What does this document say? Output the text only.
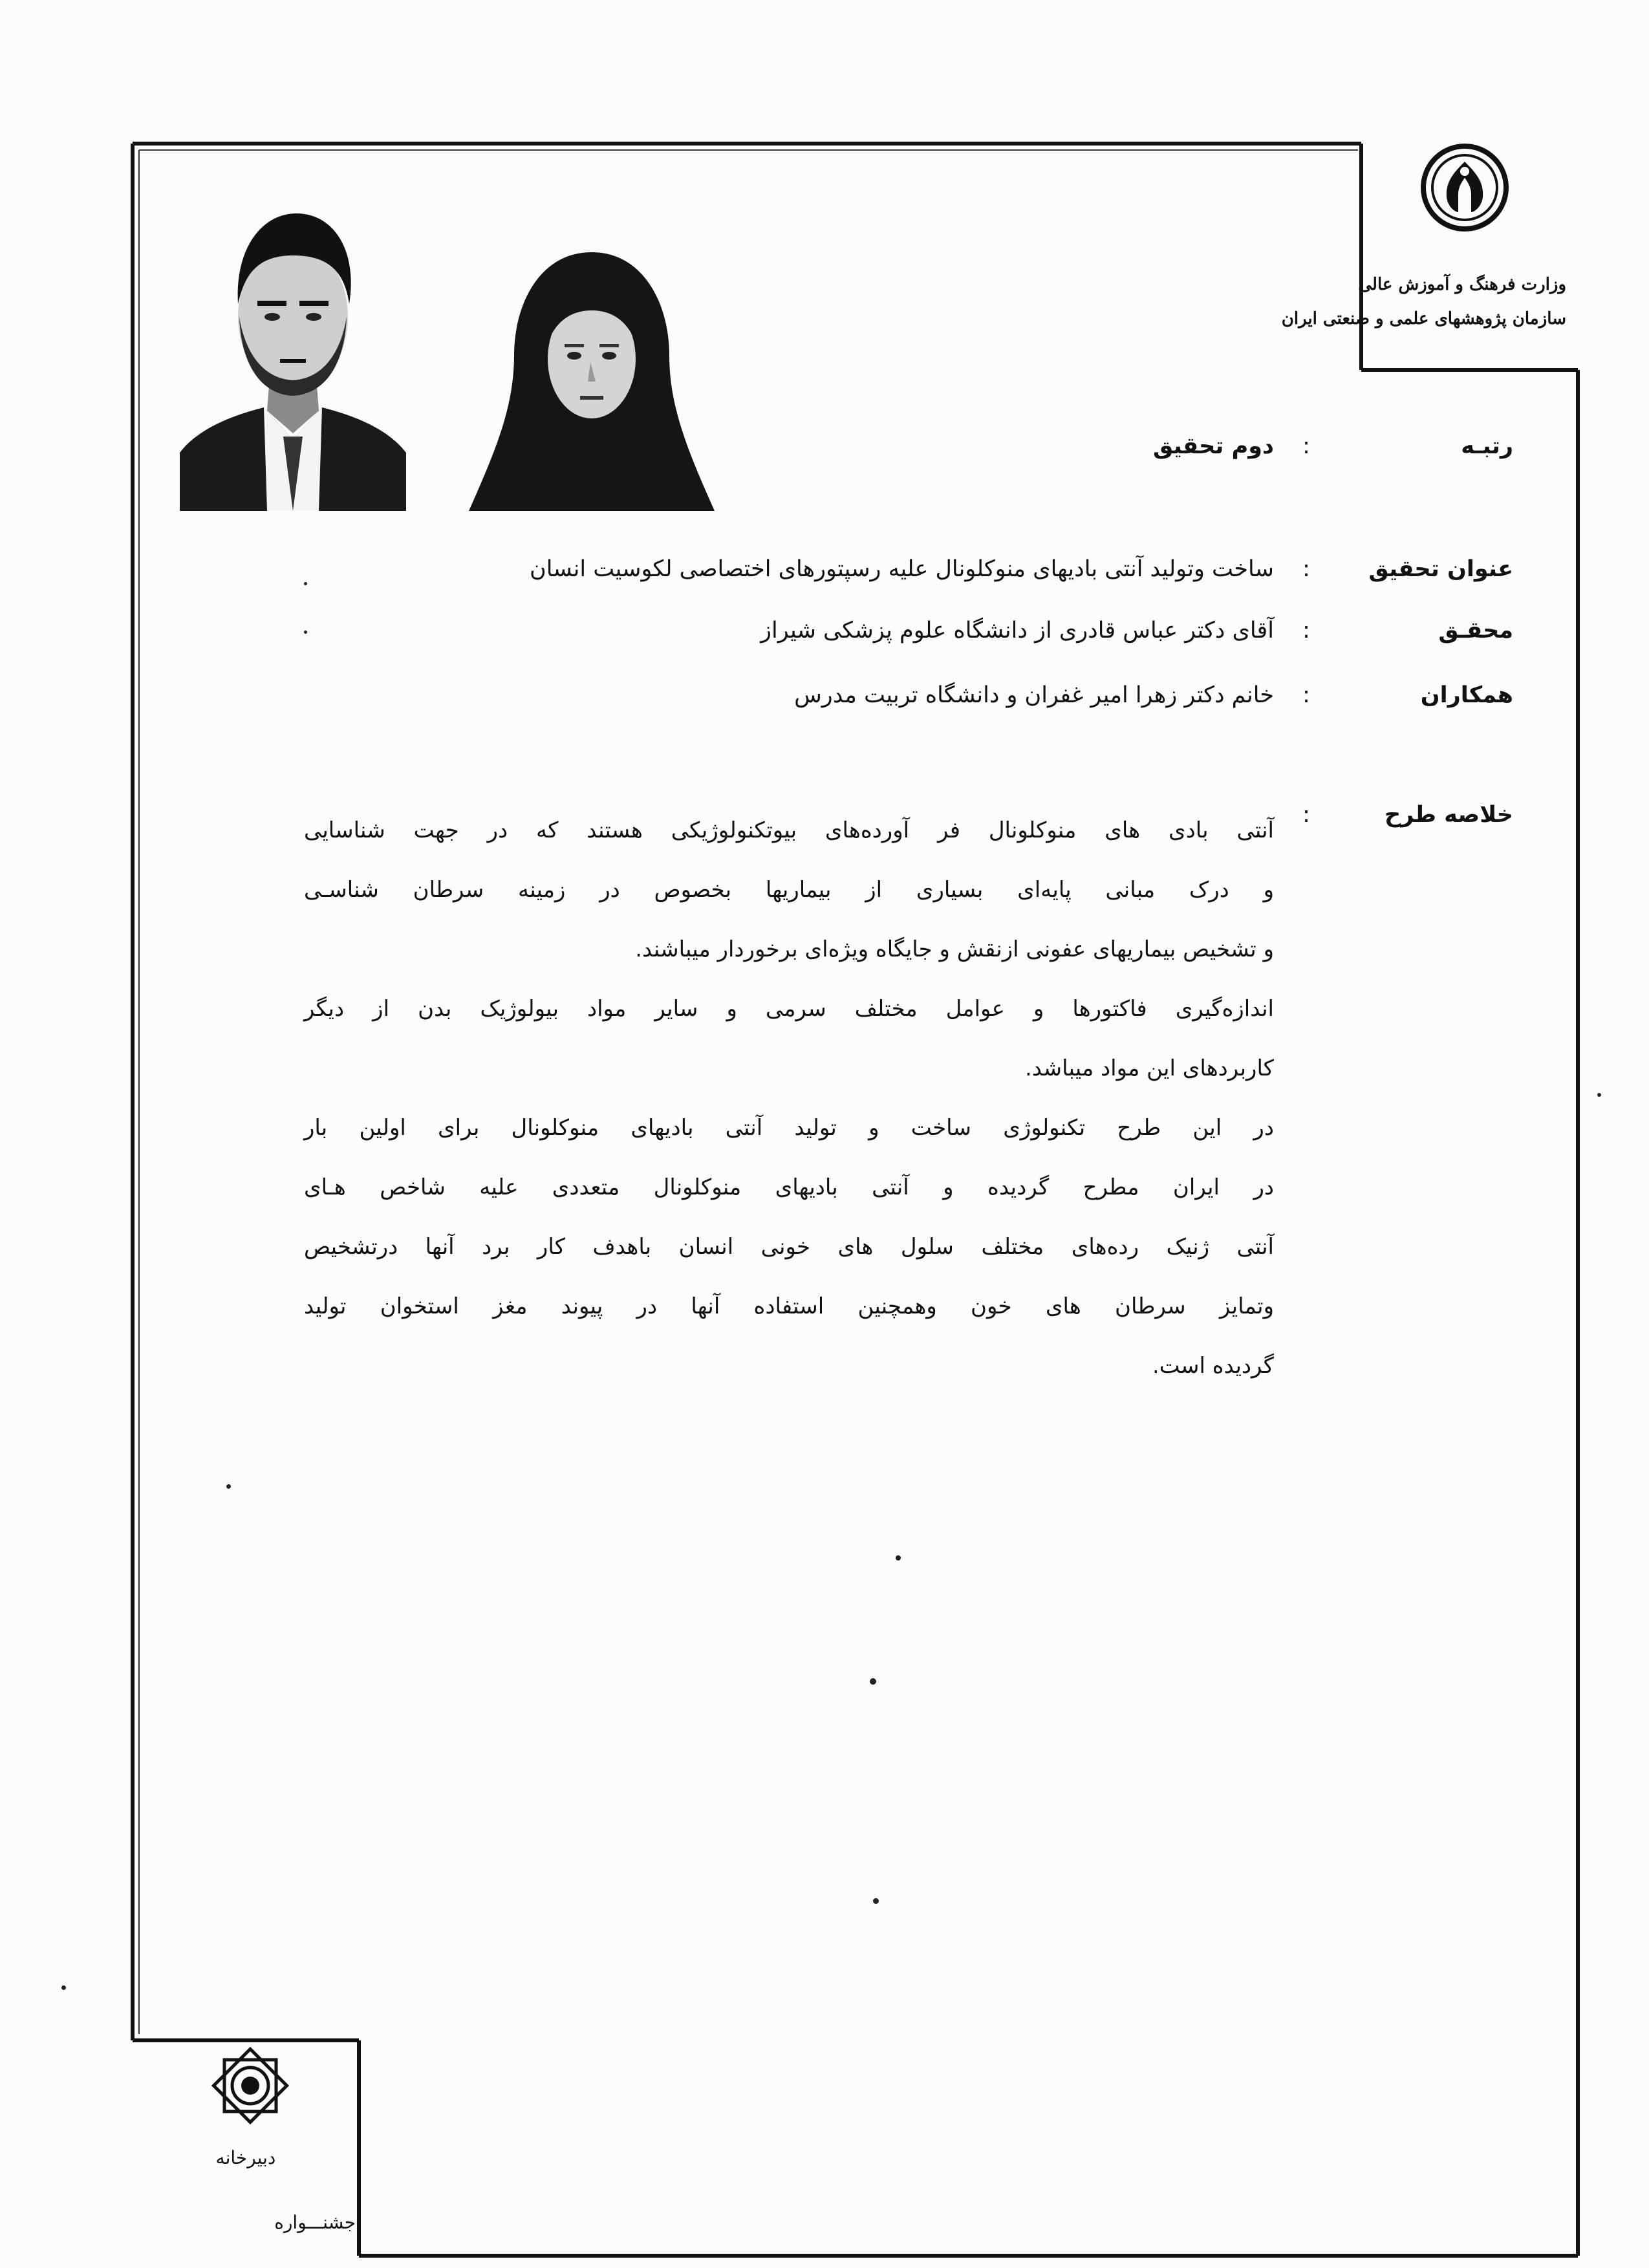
وزارت فرهنگ و آموزش عالی
سازمان پژوهشهای علمی و صنعتی ایران
رتبـه
:
دوم تحقیق
عنوان تحقیق
:
ساخت وتولید آنتی بادیهای منوکلونال علیه رسپتورهای اختصاصی لکوسیت انسان
محقـق
:
آقای دکتر عباس قادری از دانشگاه علوم پزشکی شیراز
همکاران
:
خانم دکتر زهرا امیر غفران و دانشگاه تربیت مدرس
خلاصه طرح
:
آنتی بادی های منوکلونال فر آورده‌های بیوتکنولوژیکی هستند که در جهت شناسایی
و درک مبانی پایه‌ای بسیاری از بیماریها بخصوص در زمینه سرطان شناسـی
و تشخیص بیماریهای عفونی ازنقش و جایگاه ویژه‌ای برخوردار میباشند.
اندازه‌گیری فاکتورها و عوامل مختلف سرمی و سایر مواد بیولوژیک بدن از دیگر
کاربردهای این مواد میباشد.
در این طرح تکنولوژی ساخت و تولید آنتی بادیهای منوکلونال برای اولین بار
در ایران مطرح گردیده و آنتی بادیهای منوکلونال متعددی علیه شاخص هـای
آنتی ژنیک رده‌های مختلف سلول های خونی انسان باهدف کار برد آنها درتشخیص
وتمایز سرطان های خون وهمچنین استفاده آنها در پیوند مغز استخوان تولید
گردیده است.
دبیرخانه
جشنـــواره
